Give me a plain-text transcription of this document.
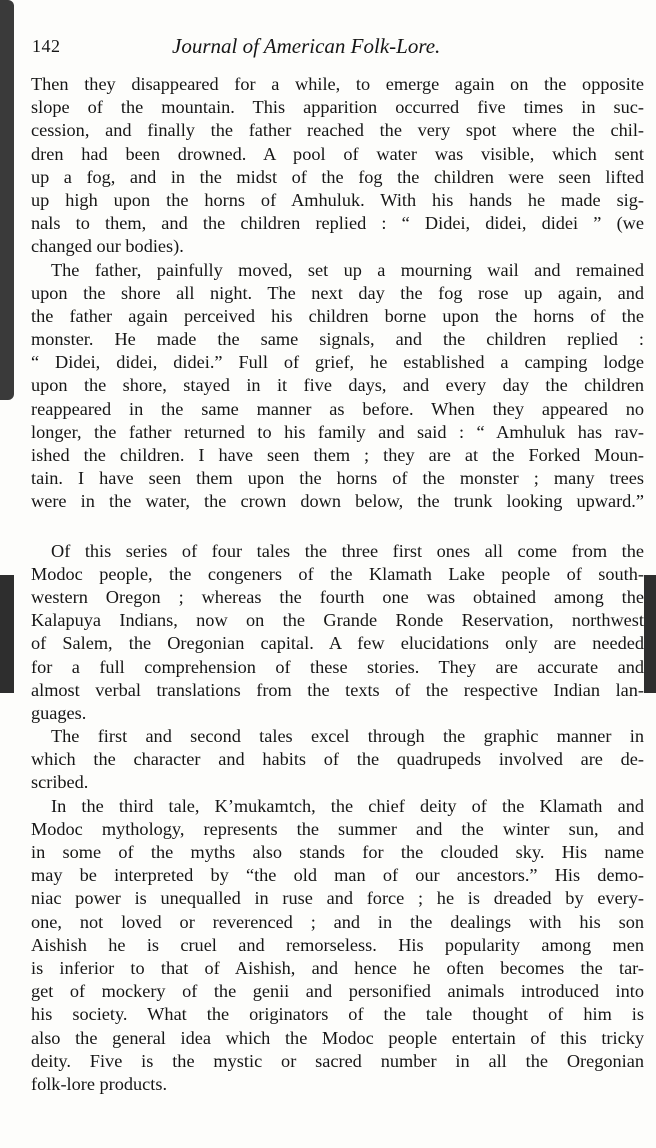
142	Journal of American Folk-Lore.
Then they disappeared for a while, to emerge again on the opposite
slope of the mountain. This apparition occurred five times in suc-
cession, and finally the father reached the very spot where the chil-
dren had been drowned. A pool of water was visible, which sent
up a fog, and in the midst of the fog the children were seen lifted
up high upon the horns of Amhuluk. With his hands he made sig-
nals to them, and the children replied : “ Didei, didei, didei ” (we
changed our bodies).
The father, painfully moved, set up a mourning wail and remained
upon the shore all night. The next day the fog rose up again, and
the father again perceived his children borne upon the horns of the
monster. He made the same signals, and the children replied :
“ Didei, didei, didei.” Full of grief, he established a camping lodge
upon the shore, stayed in it five days, and every day the children
reappeared in the same manner as before. When they appeared no
longer, the father returned to his family and said : “ Amhuluk has rav-
ished the children. I have seen them ; they are at the Forked Moun-
tain. I have seen them upon the horns of the monster ; many trees
were in the water, the crown down below, the trunk looking upward.”
Of this series of four tales the three first ones all come from the
Modoc people, the congeners of the Klamath Lake people of south-
western Oregon ; whereas the fourth one was obtained among the
Kalapuya Indians, now on the Grande Ronde Reservation, northwest
of Salem, the Oregonian capital. A few elucidations only are needed
for a full comprehension of these stories. They are accurate and
almost verbal translations from the texts of the respective Indian lan-
guages.
The first and second tales excel through the graphic manner in
which the character and habits of the quadrupeds involved are de-
scribed.
In the third tale, K’mukamtch, the chief deity of the Klamath and
Modoc mythology, represents the summer and the winter sun, and
in some of the myths also stands for the clouded sky. His name
may be interpreted by “the old man of our ancestors.” His demo-
niac power is unequalled in ruse and force ; he is dreaded by every-
one, not loved or reverenced ; and in the dealings with his son
Aishish he is cruel and remorseless. His popularity among men
is inferior to that of Aishish, and hence he often becomes the tar-
get of mockery of the genii and personified animals introduced into
his society. What the originators of the tale thought of him is
also the general idea which the Modoc people entertain of this tricky
deity. Five is the mystic or sacred number in all the Oregonian
folk-lore products.
